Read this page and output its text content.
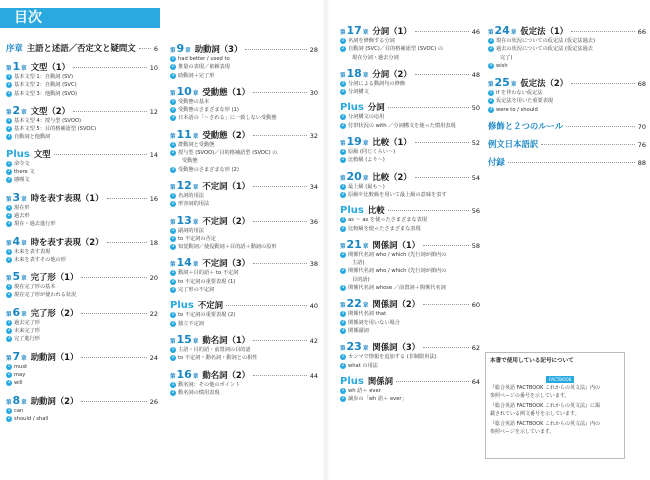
目次
序章 主語と述語／否定文と疑問文	6
第 1 章 文型（1）	10
1 基本文型 1：自動詞 (SV)
2 基本文型 2：自動詞 (SVC)
3 基本文型 3：他動詞 (SVO)
第 2 章 文型（2）	12
1 基本文型 4：授与型 (SVOO)
2 基本文型 5：目的格補語型 (SVOC)
3 自動詞と他動詞
Plus 文型	14
1 命令文
2 there 文
3 感嘆文
第 3 章 時を表す表現（1）	16
1 現在形
2 過去形
3 現在・過去進行形
第 4 章 時を表す表現（2）	18
1 未来を表す表現
2 未来を表すその他の形
第 5 章 完了形（1）	20
1 現在完了形の基本
2 現在完了形が使われる状況
第 6 章 完了形（2）	22
1 過去完了形
2 未来完了形
3 完了進行形
第 7 章 助動詞（1）	24
1 must
2 may
3 will
第 8 章 助動詞（2）	26
1 can
2 should / shall
第 9 章 助動詞（3）	28
1 had better / used to
2 推量の表現／依頼表現
3 助動詞＋完了形
第 10 章 受動態（1）	30
1 受動態の基本
2 受動態のさまざまな形 (1)
3 日本語の「〜される」に一致しない受動態
第 11 章 受動態（2）	32
1 群動詞と受動態
2 授与型 (SVOO)／目的格補語型 (SVOC) の
受動態
3 受動態のさまざまな形 (2)
第 12 章 不定詞（1）	34
1 名詞的用法
2 形容詞的用法
第 13 章 不定詞（2）	36
1 副詞的用法
2 to 不定詞の否定
3 知覚動詞／使役動詞＋目的語＋動詞の原形
第 14 章 不定詞（3）	38
1 動詞＋目的語＋ to 不定詞
2 to 不定詞の重要表現 (1)
3 完了形の不定詞
Plus 不定詞	40
1 to 不定詞の重要表現 (2)
2 独立不定詞
第 15 章 動名詞（1）	42
1 主語・目的語・前置詞の目的語
2 to 不定詞・動名詞・動詞との相性
第 16 章 動名詞（2）	44
1 動名詞：その他のポイント
2 動名詞の慣用表現
第 17 章 分詞（1）	46
1 名詞を修飾する分詞
2 自動詞 (SVC)／目的格補語型 (SVOC) の
現在分詞・過去分詞
第 18 章 分詞（2）	48
1 分詞による動詞句の修飾
2 分詞構文
Plus 分詞	50
1 分詞構文の応用
2 付帯状況の with ／分詞構文を使った慣用表現
第 19 章 比較（1）	52
1 原級 (同じくらい〜)
2 比較級 (より〜)
第 20 章 比較（2）	54
1 最上級 (最も〜)
2 原級や比較級を用いて最上級の意味を表す
Plus 比較	56
1 as 〜 as を使ったさまざまな表現
2 比較級を使ったさまざまな表現
第 21 章 関係詞（1）	58
1 関係代名詞 who / which (先行詞が節内の
主語)
2 関係代名詞 who / which (先行詞が節内の
目的語)
3 関係代名詞 whose ／前置詞＋関係代名詞
第 22 章 関係詞（2）	60
1 関係代名詞 that
2 関係詞を用いない場合
3 関係副詞
第 23 章 関係詞（3）	62
1 カンマで情報を追加する (非制限用法)
2 what の用法
Plus 関係詞	64
1 wh 語＋ ever
2 譲歩の「wh 語＋ ever」
第 24 章 仮定法（1）	66
1 現在の状況についての仮定法 (仮定法過去)
2 過去の状況についての仮定法 (仮定法過去
完了)
3 wish
第 25 章 仮定法（2）	68
1 if を伴わない仮定法
2 仮定法を用いた重要表現
3 were to / should
修飾と２つのルール	70
例文日本語訳	76
付録	88
本書で使用している記号について
FACTBOOK
『総合英語 FACTBOOK これからの英文法』内の
参照ページの番号を示しています。
『総合英語 FACTBOOK これからの英文法』に掲
載されている例文番号を示しています。
『総合英語 FACTBOOK これからの英文法』内の
参照ページを示しています。
